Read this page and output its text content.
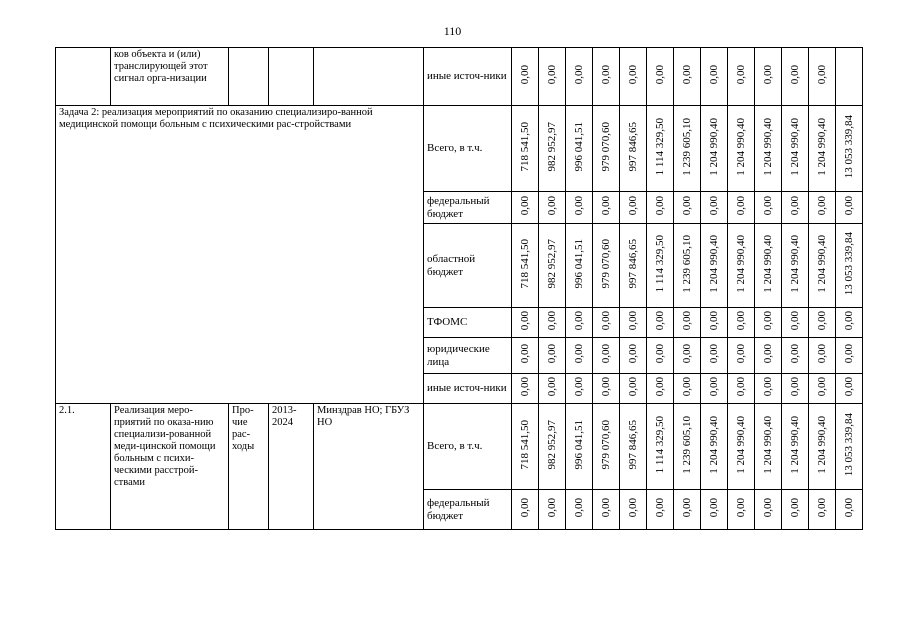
110
	ков объекта и (или) транслирующей этот сигнал орга-низации				иные источ-ники	0,00	0,00	0,00	0,00	0,00	0,00	0,00	0,00	0,00	0,00	0,00	0,00	
Задача 2: реализация мероприятий по оказанию специализиро-ванной медицинской помощи больным с психическими рас-стройствами					Всего, в т.ч.	718 541,50	982 952,97	996 041,51	979 070,60	997 846,65	1 114 329,50	1 239 605,10	1 204 990,40	1 204 990,40	1 204 990,40	1 204 990,40	1 204 990,40	13 053 339,84
					федеральный бюджет	0,00	0,00	0,00	0,00	0,00	0,00	0,00	0,00	0,00	0,00	0,00	0,00	0,00
					областной бюджет	718 541,50	982 952,97	996 041,51	979 070,60	997 846,65	1 114 329,50	1 239 605,10	1 204 990,40	1 204 990,40	1 204 990,40	1 204 990,40	1 204 990,40	13 053 339,84
					ТФОМС	0,00	0,00	0,00	0,00	0,00	0,00	0,00	0,00	0,00	0,00	0,00	0,00	0,00
					юридические лица	0,00	0,00	0,00	0,00	0,00	0,00	0,00	0,00	0,00	0,00	0,00	0,00	0,00
					иные источ-ники	0,00	0,00	0,00	0,00	0,00	0,00	0,00	0,00	0,00	0,00	0,00	0,00	0,00
2.1.	Реализация меро-приятий по оказа-нию специализи-рованной меди-цинской помощи больным с психи-ческими расстрой-ствами	Про-чие рас-ходы	2013-2024	Минздрав НО; ГБУЗ НО	Всего, в т.ч.	718 541,50	982 952,97	996 041,51	979 070,60	997 846,65	1 114 329,50	1 239 605,10	1 204 990,40	1 204 990,40	1 204 990,40	1 204 990,40	1 204 990,40	13 053 339,84
					федеральный бюджет	0,00	0,00	0,00	0,00	0,00	0,00	0,00	0,00	0,00	0,00	0,00	0,00	0,00
